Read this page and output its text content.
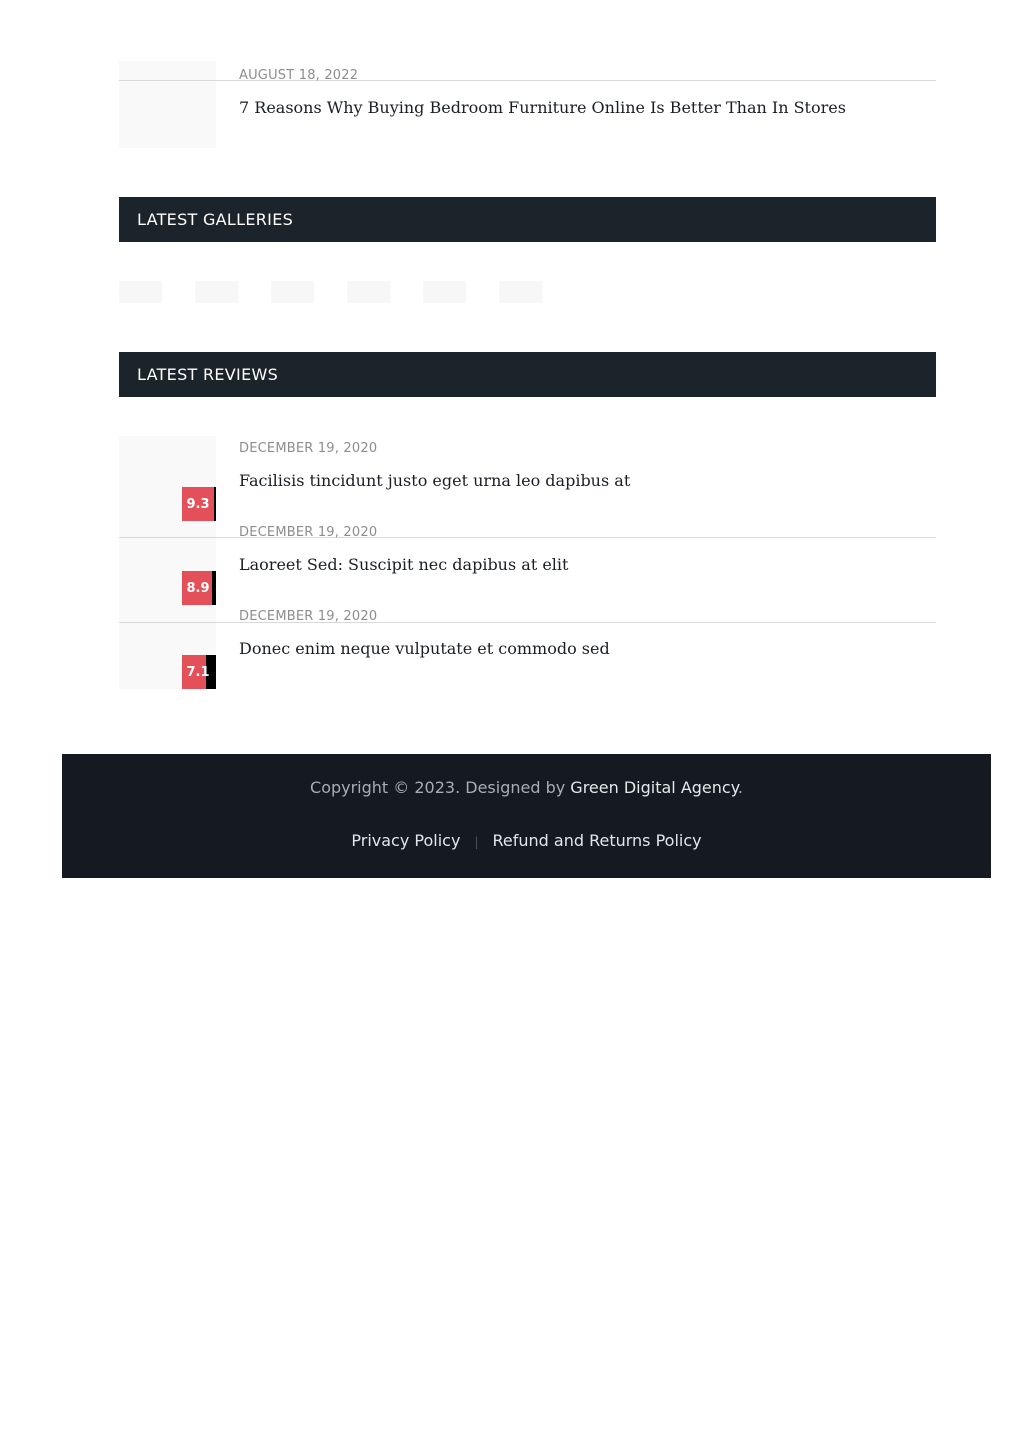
AUGUST 18, 2022
7 Reasons Why Buying Bedroom Furniture Online Is Better Than In Stores
LATEST GALLERIES
LATEST REVIEWS
9.3
DECEMBER 19, 2020
Facilisis tincidunt justo eget urna leo dapibus at
8.9
DECEMBER 19, 2020
Laoreet Sed: Suscipit nec dapibus at elit
7.1
DECEMBER 19, 2020
Donec enim neque vulputate et commodo sed
Copyright © 2023. Designed by Green Digital Agency.
Privacy Policy | Refund and Returns Policy
